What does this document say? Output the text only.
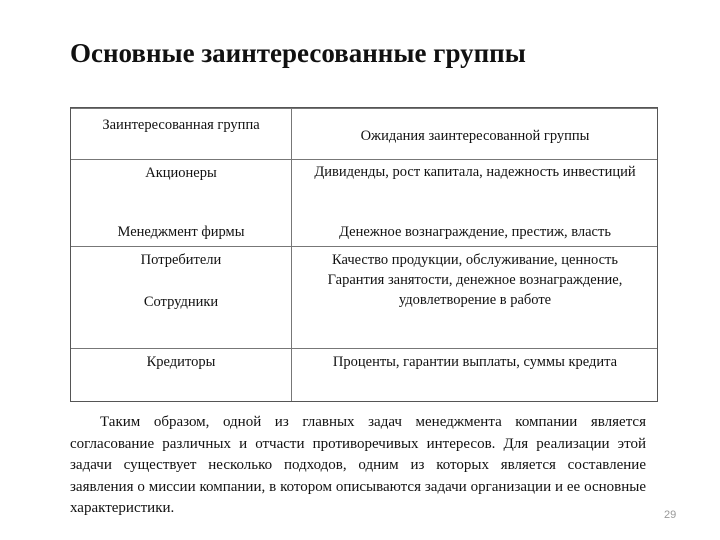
Основные заинтересованные группы
Заинтересованная группа
Ожидания заинтересованной группы
Акционеры
Менеджмент фирмы
Дивиденды, рост капитала, надежность инвестиций
Денежное вознаграждение, престиж, власть
Потребители
Сотрудники
Качество продукции, обслуживание, ценность
Гарантия занятости, денежное вознаграждение, удовлетворение в работе
Кредиторы	Проценты, гарантии выплаты, суммы кредита

Таким образом, одной из главных задач менеджмента компании является согласование различных и отчасти противоречивых интересов. Для реализации этой задачи существует несколько подходов, одним из которых является составление заявления о миссии компании, в котором описываются задачи организации и ее основные характеристики.	29
